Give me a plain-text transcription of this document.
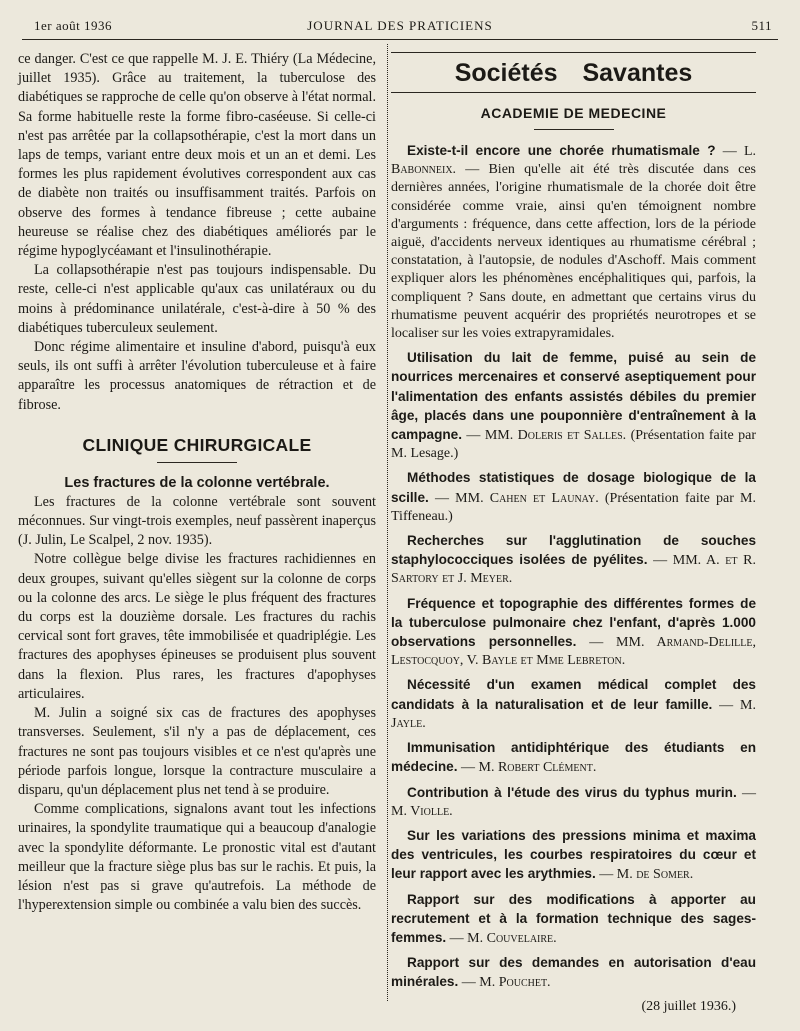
1er août 1936	JOURNAL DES PRATICIENS	511

ce danger. C'est ce que rappelle M. J. E. Thiéry (La Médecine, juillet 1935). Grâce au traitement, la tuberculose des diabétiques se rapproche de celle qu'on observe à l'état normal. Sa forme habituelle reste la forme fibro-caséeuse. Si celle-ci n'est pas arrêtée par la collapsothérapie, c'est la mort dans un laps de temps, variant entre deux mois et un an et demi. Les formes les plus rapidement évolutives correspondent aux cas de diabète non traités ou insuffisamment traités. Parfois on observe des formes à tendance fibreuse ; cette aubaine heureuse se réalise chez des diabétiques améliorés par le régime hypoglycéaмant et l'insulinothérapie.

La collapsothérapie n'est pas toujours indispensable. Du reste, celle-ci n'est applicable qu'aux cas unilatéraux ou du moins à prédominance unilatérale, c'est-à-dire à 50 % des diabétiques tuberculeux seulement.

Donc régime alimentaire et insuline d'abord, puisqu'à eux seuls, ils ont suffi à arrêter l'évolution tuberculeuse et à faire apparaître les processus anatomiques de rétraction et de fibrose.

CLINIQUE CHIRURGICALE
Les fractures de la colonne vertébrale.

Les fractures de la colonne vertébrale sont souvent méconnues. Sur vingt-trois exemples, neuf passèrent inaperçus (J. Julin, Le Scalpel, 2 nov. 1935).

Notre collègue belge divise les fractures rachidiennes en deux groupes, suivant qu'elles siègent sur la colonne de corps ou la colonne des arcs. Le siège le plus fréquent des fractures du corps est la douzième dorsale. Les fractures du rachis cervical sont fort graves, tête immobilisée et quadriplégie. Les fractures des apophyses épineuses se produisent plus souvent dans la flexion. Plus rares, les fractures d'apophyses articulaires.

M. Julin a soigné six cas de fractures des apophyses transverses. Seulement, s'il n'y a pas de déplacement, ces fractures ne sont pas toujours visibles et ce n'est qu'après une période parfois longue, lorsque la contracture musculaire a disparu, qu'un déplacement plus net tend à se produire.

Comme complications, signalons avant tout les infections urinaires, la spondylite traumatique qui a beaucoup d'analogie avec la spondylite déformante. Le pronostic vital est d'autant meilleur que la fracture siège plus bas sur le rachis. Et puis, la lésion n'est pas si grave qu'autrefois. La méthode de l'hyperextension simple ou combinée a valu bien des succès.

Sociétés Savantes
ACADEMIE DE MEDECINE

Existe-t-il encore une chorée rhumatismale ? — L. Babonneix. — Bien qu'elle ait été très discutée dans ces dernières années, l'origine rhumatismale de la chorée doit être considérée comme vraie, ainsi qu'en témoignent nombre d'arguments : fréquence, dans cette affection, lors de la période aiguë, d'accidents nerveux identiques au rhumatisme cérébral ; constatation, à l'autopsie, de nodules d'Aschoff. Mais comment expliquer alors les phénomènes encéphalitiques qui, parfois, la compliquent ? Sans doute, en admettant que certains virus du rhumatisme peuvent acquérir des propriétés neurotropes et se localiser sur les voies extrapyramidales.

Utilisation du lait de femme, puisé au sein de nourrices mercenaires et conservé aseptiquement pour l'alimentation des enfants assistés débiles du premier âge, placés dans une pouponnière d'entraînement à la campagne. — MM. Doleris et Salles. (Présentation faite par M. Lesage.)

Méthodes statistiques de dosage biologique de la scille. — MM. Cahen et Launay. (Présentation faite par M. Tiffeneau.)

Recherches sur l'agglutination de souches staphylococciques isolées de pyélites. — MM. A. et R. Sartory et J. Meyer.

Fréquence et topographie des différentes formes de la tuberculose pulmonaire chez l'enfant, d'après 1.000 observations personnelles. — MM. Armand-Delille, Lestocquoy, V. Bayle et Mme Lebreton.

Nécessité d'un examen médical complet des candidats à la naturalisation et de leur famille. — M. Jayle.

Immunisation antidiphtérique des étudiants en médecine. — M. Robert Clément.

Contribution à l'étude des virus du typhus murin. — M. Violle.

Sur les variations des pressions minima et maxima des ventricules, les courbes respiratoires du cœur et leur rapport avec les arythmies. — M. de Somer.

Rapport sur des modifications à apporter au recrutement et à la formation technique des sages-femmes. — M. Couvelaire.

Rapport sur des demandes en autorisation d'eau minérales. — M. Pouchet.

(28 juillet 1936.)
